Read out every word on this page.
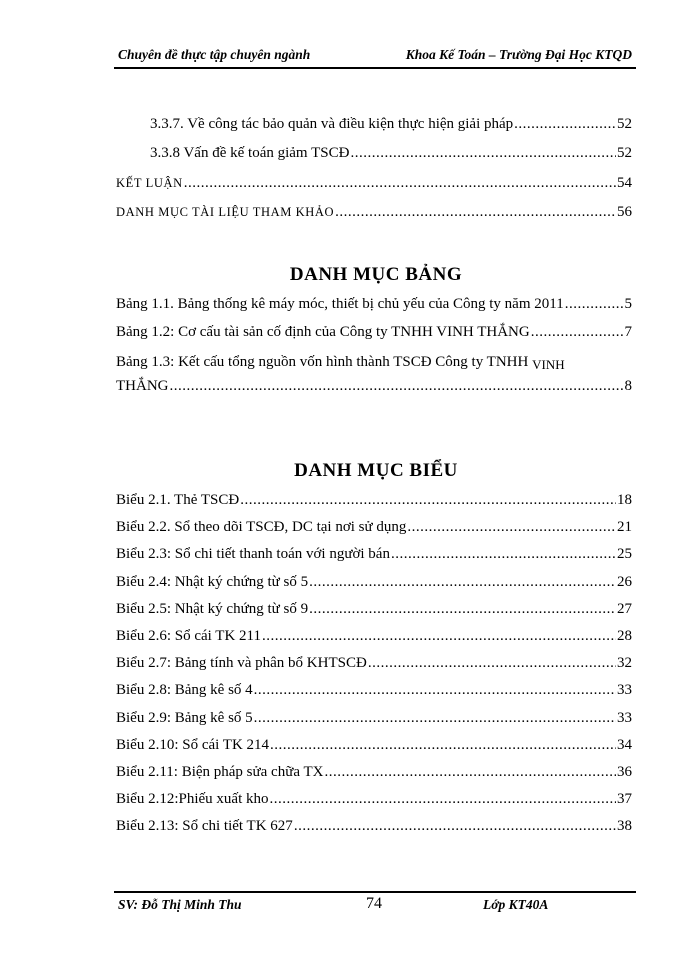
Chuyên đề thực tập chuyên ngành	Khoa Kế Toán – Trường Đại Học KTQD
3.3.7. Về công tác bảo quản và điều kiện thực hiện giải pháp .....	52
3.3.8 Vấn đề kế toán giảm TSCĐ .....	52
KẾT LUẬN .....	54
DANH MỤC TÀI LIỆU THAM KHẢO .....	56
DANH MỤC BẢNG
Bảng 1.1. Bảng thống kê máy móc, thiết bị chủ yếu của Công ty năm 2011 .....	5
Bảng 1.2: Cơ cấu tài sản cố định của Công ty TNHH VINH THẮNG .....	7
Bảng 1.3: Kết cấu tổng nguồn vốn hình thành TSCĐ Công ty TNHH VINH
THẮNG .....	8
DANH MỤC BIỂU
Biểu 2.1. Thẻ TSCĐ .....	18
Biểu 2.2. Sổ theo dõi TSCĐ, DC tại nơi sử dụng .....	21
Biểu 2.3: Sổ chi tiết thanh toán với người bán .....	25
Biểu 2.4: Nhật ký chứng từ số 5 .....	26
Biểu 2.5: Nhật ký chứng từ số 9 .....	27
Biểu 2.6: Sổ cái TK 211 .....	28
Biểu 2.7: Bảng tính và phân bổ KHTSCĐ .....	32
Biểu 2.8: Bảng kê số 4 .....	33
Biểu 2.9: Bảng kê số 5 .....	33
Biểu 2.10: Sổ cái TK 214 .....	34
Biểu 2.11: Biện pháp sửa chữa TX .....	36
Biểu 2.12:Phiếu xuất kho .....	37
Biểu 2.13: Sổ chi tiết TK 627 .....	38
SV: Đỗ Thị Minh Thu	74	Lớp KT40A
